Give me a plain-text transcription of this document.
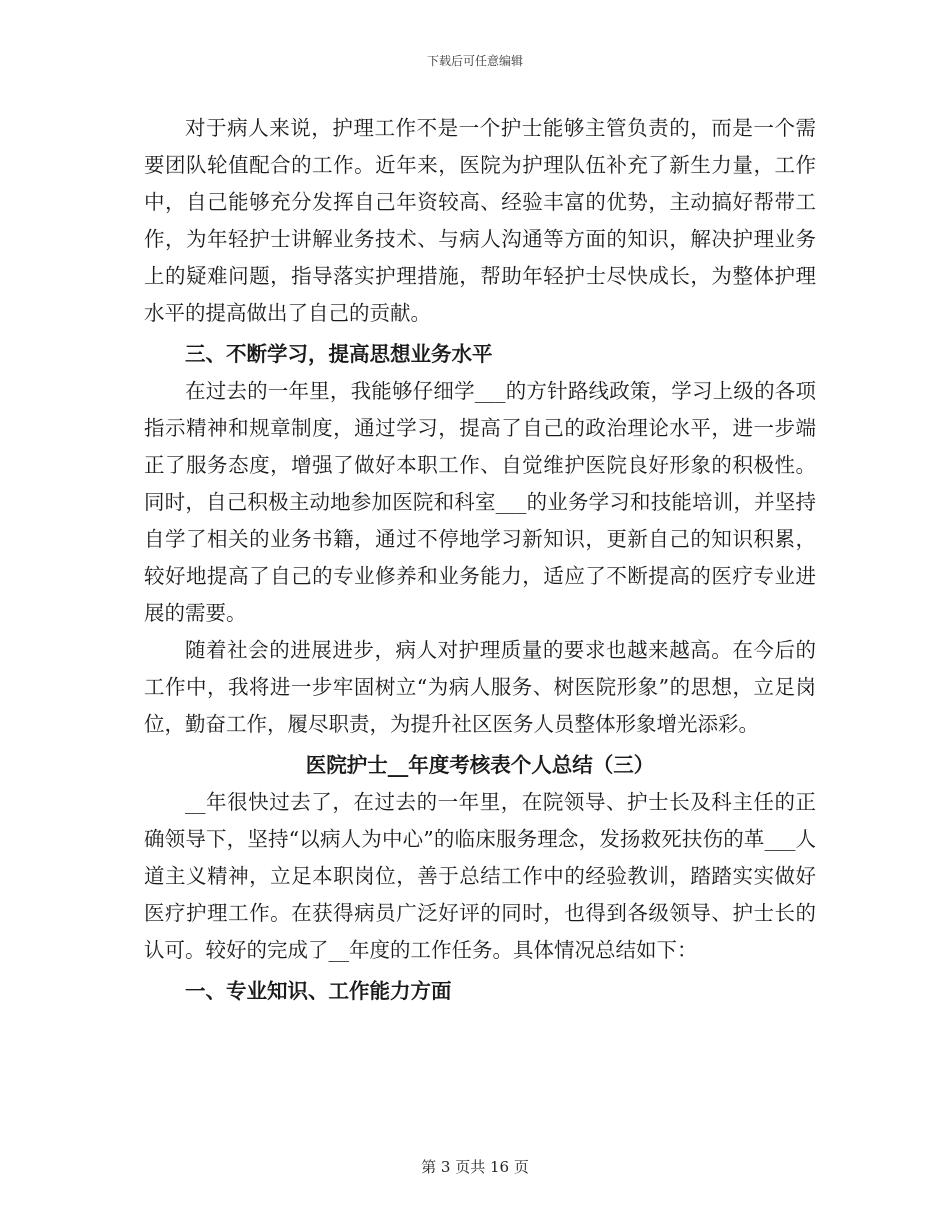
下载后可任意编辑

对于病人来说，护理工作不是一个护士能够主管负责的，而是一个需要团队轮值配合的工作。近年来，医院为护理队伍补充了新生力量，工作中，自己能够充分发挥自己年资较高、经验丰富的优势，主动搞好帮带工作，为年轻护士讲解业务技术、与病人沟通等方面的知识，解决护理业务上的疑难问题，指导落实护理措施，帮助年轻护士尽快成长，为整体护理水平的提高做出了自己的贡献。

三、不断学习，提高思想业务水平

在过去的一年里，我能够仔细学___的方针路线政策，学习上级的各项指示精神和规章制度，通过学习，提高了自己的政治理论水平，进一步端正了服务态度，增强了做好本职工作、自觉维护医院良好形象的积极性。同时，自己积极主动地参加医院和科室___的业务学习和技能培训，并坚持自学了相关的业务书籍，通过不停地学习新知识，更新自己的知识积累，较好地提高了自己的专业修养和业务能力，适应了不断提高的医疗专业进展的需要。

随着社会的进展进步，病人对护理质量的要求也越来越高。在今后的工作中，我将进一步牢固树立“为病人服务、树医院形象”的思想，立足岗位，勤奋工作，履尽职责，为提升社区医务人员整体形象增光添彩。

医院护士__年度考核表个人总结（三）

__年很快过去了，在过去的一年里，在院领导、护士长及科主任的正确领导下，坚持“以病人为中心”的临床服务理念，发扬救死扶伤的革___人道主义精神，立足本职岗位，善于总结工作中的经验教训，踏踏实实做好医疗护理工作。在获得病员广泛好评的同时，也得到各级领导、护士长的认可。较好的完成了__年度的工作任务。具体情况总结如下：

一、专业知识、工作能力方面

第 3 页共 16 页
